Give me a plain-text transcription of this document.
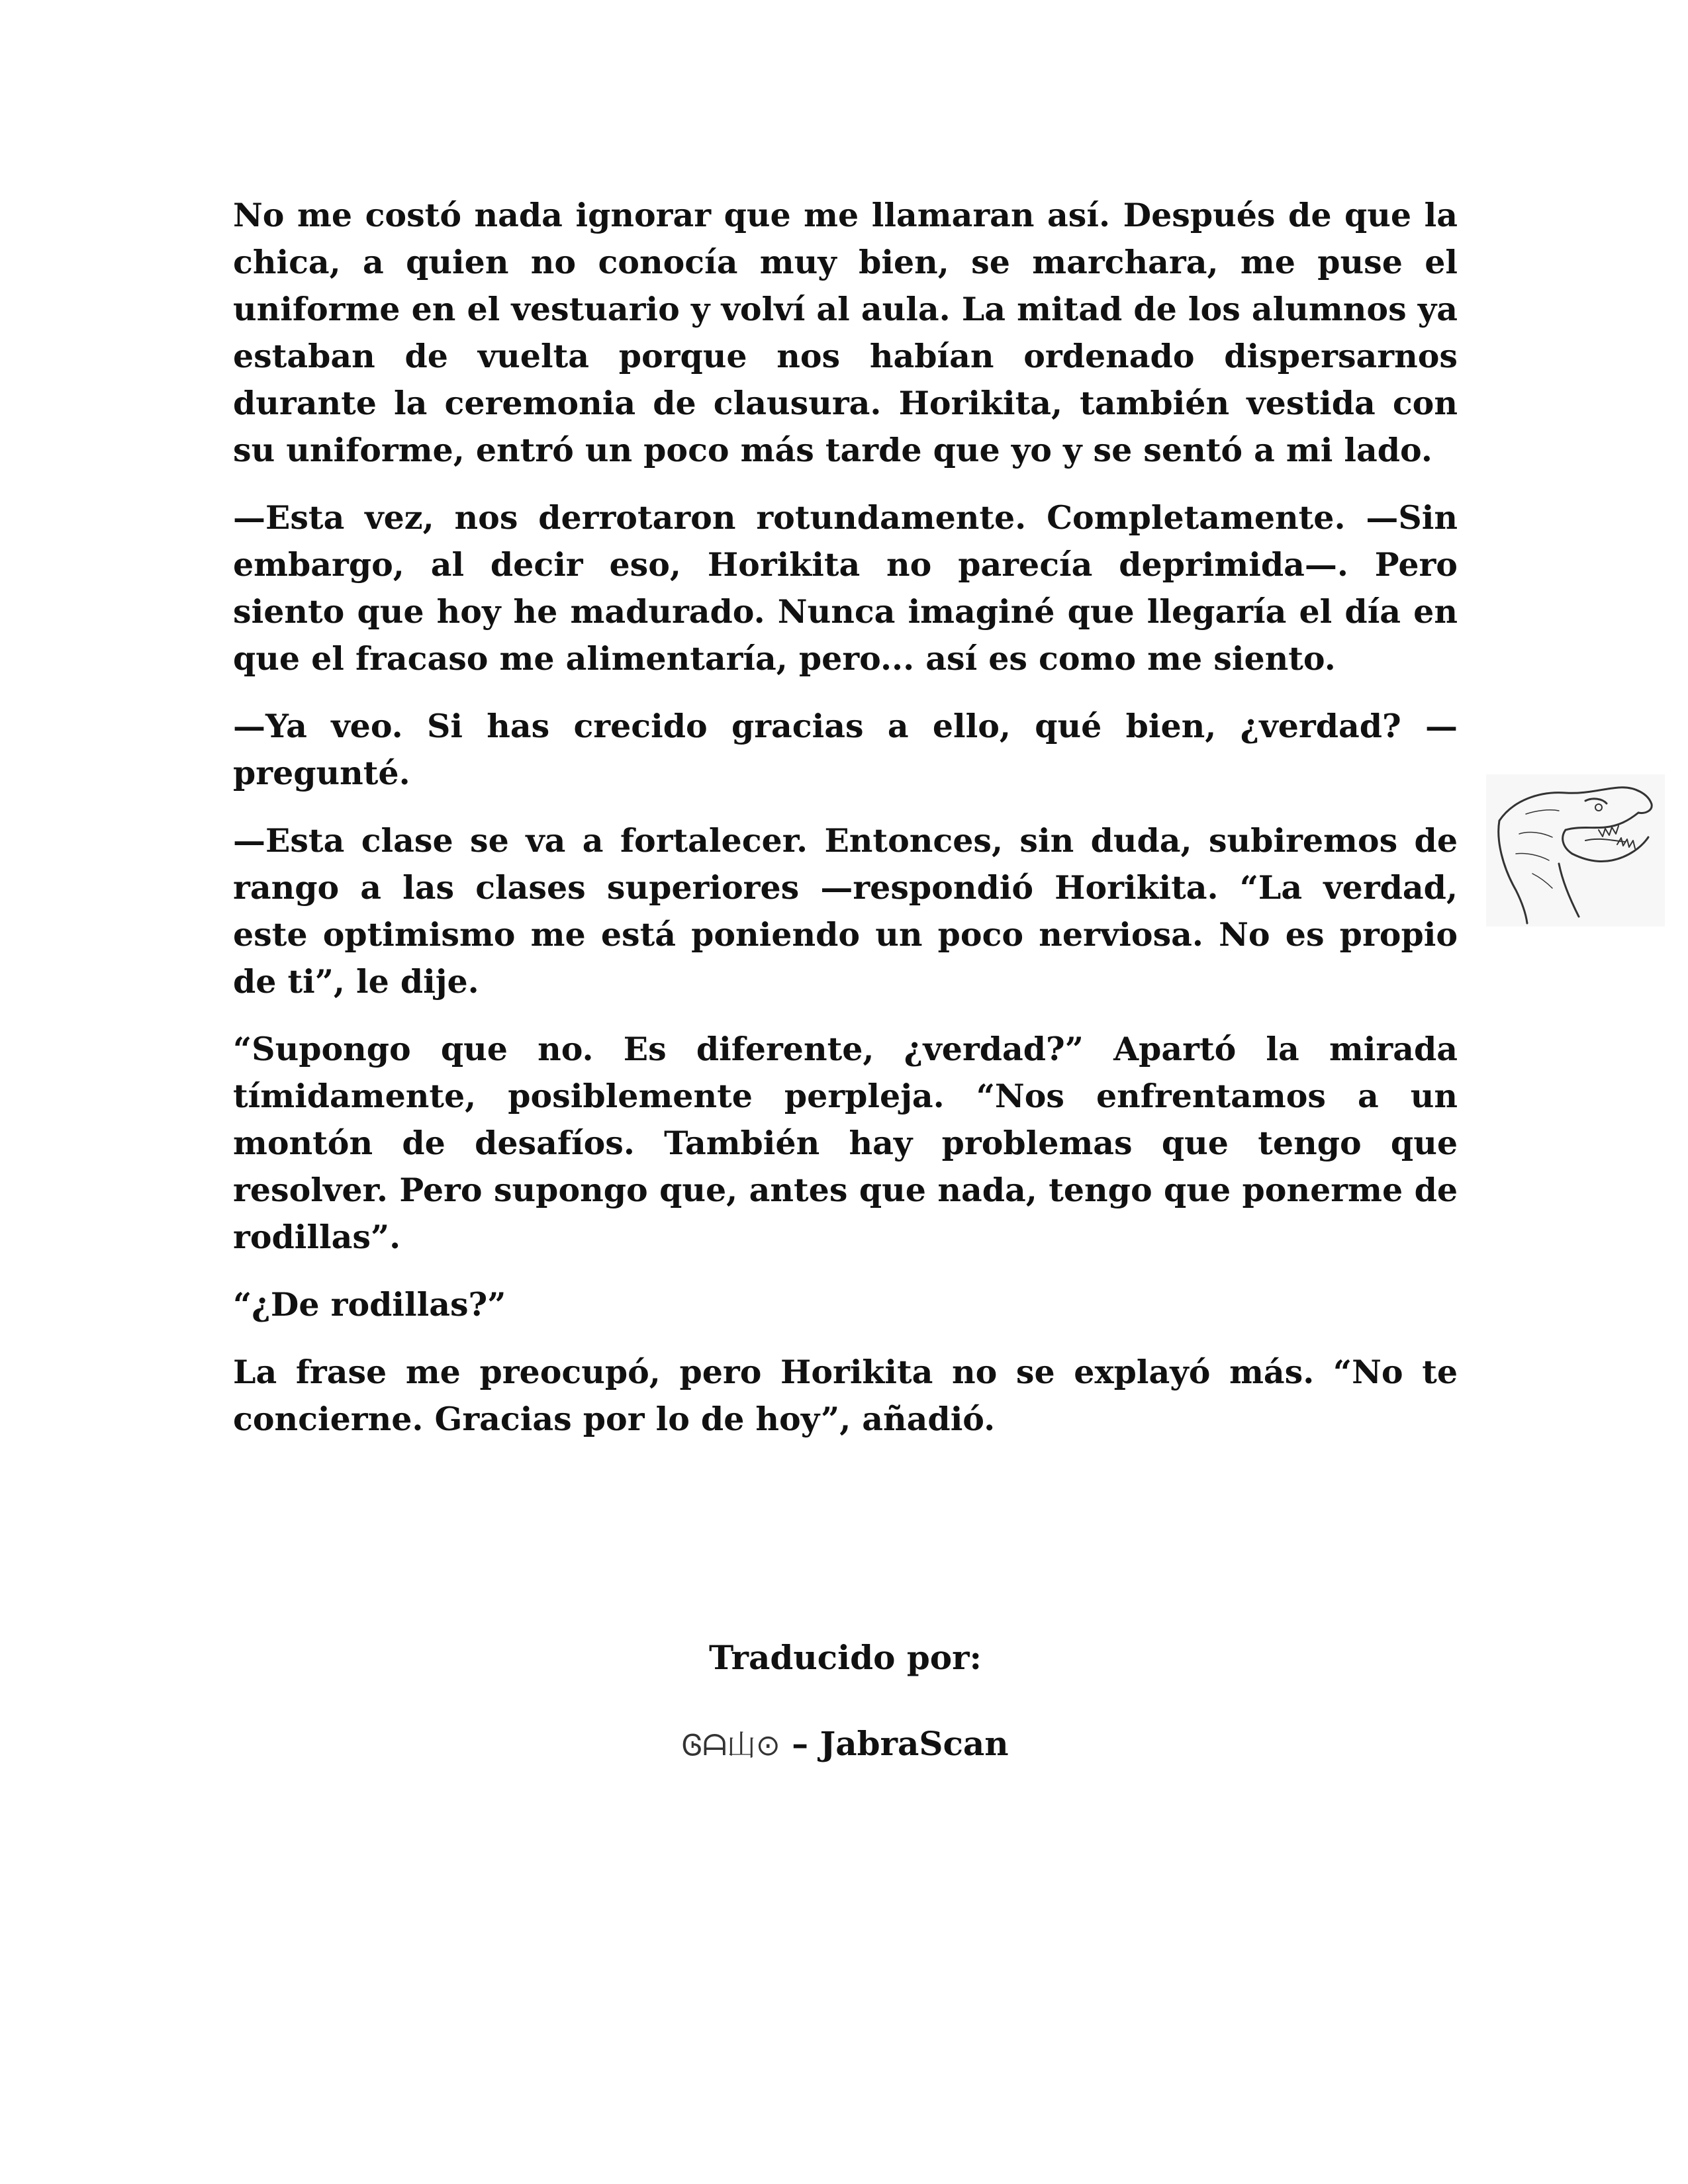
No me costó nada ignorar que me llamaran así. Después de que la chica, a quien no conocía muy bien, se marchara, me puse el uniforme en el vestuario y volví al aula. La mitad de los alumnos ya estaban de vuelta porque nos habían ordenado dispersarnos durante la ceremonia de clausura. Horikita, también vestida con su uniforme, entró un poco más tarde que yo y se sentó a mi lado.

—Esta vez, nos derrotaron rotundamente. Completamente. —Sin embargo, al decir eso, Horikita no parecía deprimida—. Pero siento que hoy he madurado. Nunca imaginé que llegaría el día en que el fracaso me alimentaría, pero... así es como me siento.

—Ya veo. Si has crecido gracias a ello, qué bien, ¿verdad? —pregunté.

—Esta clase se va a fortalecer. Entonces, sin duda, subiremos de rango a las clases superiores —respondió Horikita. “La verdad, este optimismo me está poniendo un poco nerviosa. No es propio de ti”, le dije.

“Supongo que no. Es diferente, ¿verdad?” Apartó la mirada tímidamente, posiblemente perpleja. “Nos enfrentamos a un montón de desafíos. También hay problemas que tengo que resolver. Pero supongo que, antes que nada, tengo que ponerme de rodillas”.

“¿De rodillas?”

La frase me preocupó, pero Horikita no se explayó más. “No te concierne. Gracias por lo de hoy”, añadió.

Traducido por:

Ꮆᗩ山⊙ – JabraScan
